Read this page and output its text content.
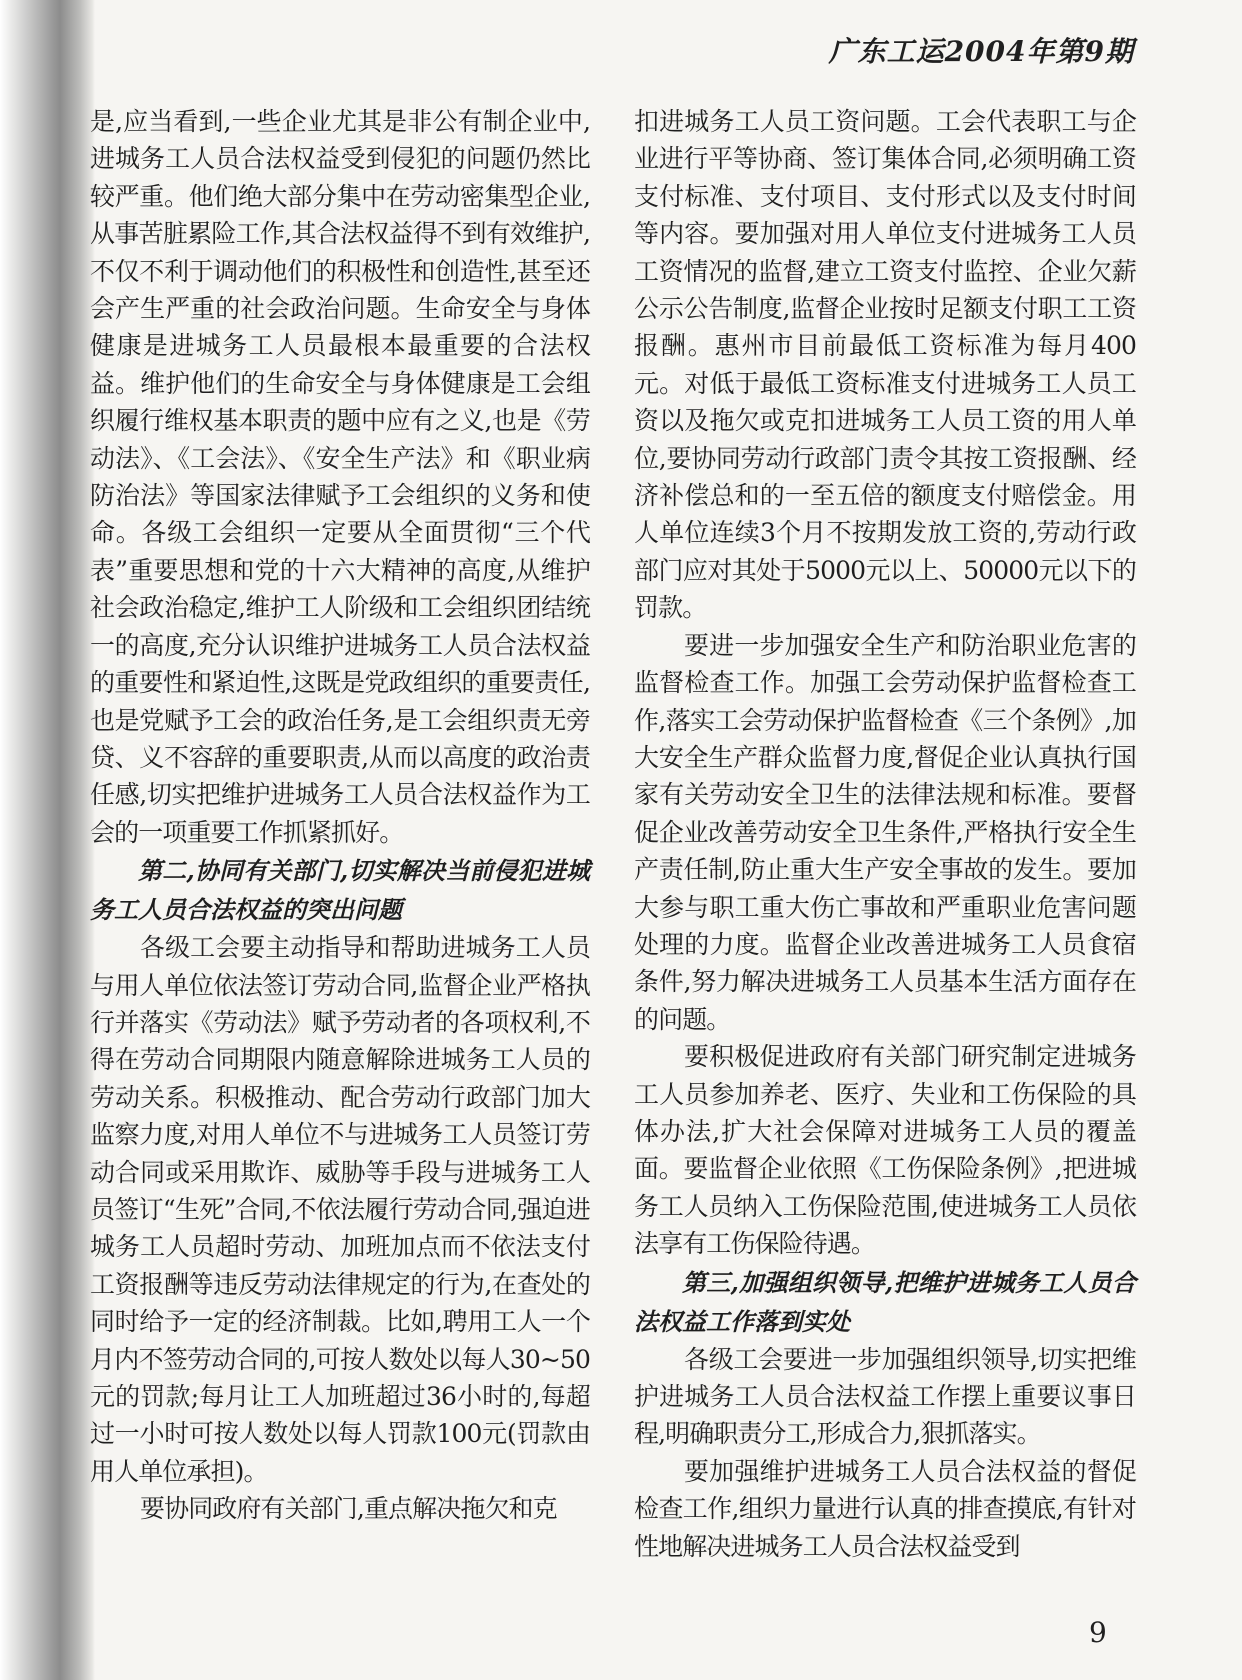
广东工运2004年第9期

是,应当看到,一些企业尤其是非公有制企业中,进城务工人员合法权益受到侵犯的问题仍然比较严重。他们绝大部分集中在劳动密集型企业,从事苦脏累险工作,其合法权益得不到有效维护,不仅不利于调动他们的积极性和创造性,甚至还会产生严重的社会政治问题。生命安全与身体健康是进城务工人员最根本最重要的合法权益。维护他们的生命安全与身体健康是工会组织履行维权基本职责的题中应有之义,也是《劳动法》、《工会法》、《安全生产法》和《职业病防治法》等国家法律赋予工会组织的义务和使命。各级工会组织一定要从全面贯彻“三个代表”重要思想和党的十六大精神的高度,从维护社会政治稳定,维护工人阶级和工会组织团结统一的高度,充分认识维护进城务工人员合法权益的重要性和紧迫性,这既是党政组织的重要责任,也是党赋予工会的政治任务,是工会组织责无旁贷、义不容辞的重要职责,从而以高度的政治责任感,切实把维护进城务工人员合法权益作为工会的一项重要工作抓紧抓好。

第二,协同有关部门,切实解决当前侵犯进城务工人员合法权益的突出问题

各级工会要主动指导和帮助进城务工人员与用人单位依法签订劳动合同,监督企业严格执行并落实《劳动法》赋予劳动者的各项权利,不得在劳动合同期限内随意解除进城务工人员的劳动关系。积极推动、配合劳动行政部门加大监察力度,对用人单位不与进城务工人员签订劳动合同或采用欺诈、威胁等手段与进城务工人员签订“生死”合同,不依法履行劳动合同,强迫进城务工人员超时劳动、加班加点而不依法支付工资报酬等违反劳动法律规定的行为,在查处的同时给予一定的经济制裁。比如,聘用工人一个月内不签劳动合同的,可按人数处以每人30~50元的罚款;每月让工人加班超过36小时的,每超过一小时可按人数处以每人罚款100元(罚款由用人单位承担)。

要协同政府有关部门,重点解决拖欠和克

扣进城务工人员工资问题。工会代表职工与企业进行平等协商、签订集体合同,必须明确工资支付标准、支付项目、支付形式以及支付时间等内容。要加强对用人单位支付进城务工人员工资情况的监督,建立工资支付监控、企业欠薪公示公告制度,监督企业按时足额支付职工工资报酬。惠州市目前最低工资标准为每月400元。对低于最低工资标准支付进城务工人员工资以及拖欠或克扣进城务工人员工资的用人单位,要协同劳动行政部门责令其按工资报酬、经济补偿总和的一至五倍的额度支付赔偿金。用人单位连续3个月不按期发放工资的,劳动行政部门应对其处于5000元以上、50000元以下的罚款。

要进一步加强安全生产和防治职业危害的监督检查工作。加强工会劳动保护监督检查工作,落实工会劳动保护监督检查《三个条例》,加大安全生产群众监督力度,督促企业认真执行国家有关劳动安全卫生的法律法规和标准。要督促企业改善劳动安全卫生条件,严格执行安全生产责任制,防止重大生产安全事故的发生。要加大参与职工重大伤亡事故和严重职业危害问题处理的力度。监督企业改善进城务工人员食宿条件,努力解决进城务工人员基本生活方面存在的问题。

要积极促进政府有关部门研究制定进城务工人员参加养老、医疗、失业和工伤保险的具体办法,扩大社会保障对进城务工人员的覆盖面。要监督企业依照《工伤保险条例》,把进城务工人员纳入工伤保险范围,使进城务工人员依法享有工伤保险待遇。

第三,加强组织领导,把维护进城务工人员合法权益工作落到实处

各级工会要进一步加强组织领导,切实把维护进城务工人员合法权益工作摆上重要议事日程,明确职责分工,形成合力,狠抓落实。

要加强维护进城务工人员合法权益的督促检查工作,组织力量进行认真的排查摸底,有针对性地解决进城务工人员合法权益受到

9
